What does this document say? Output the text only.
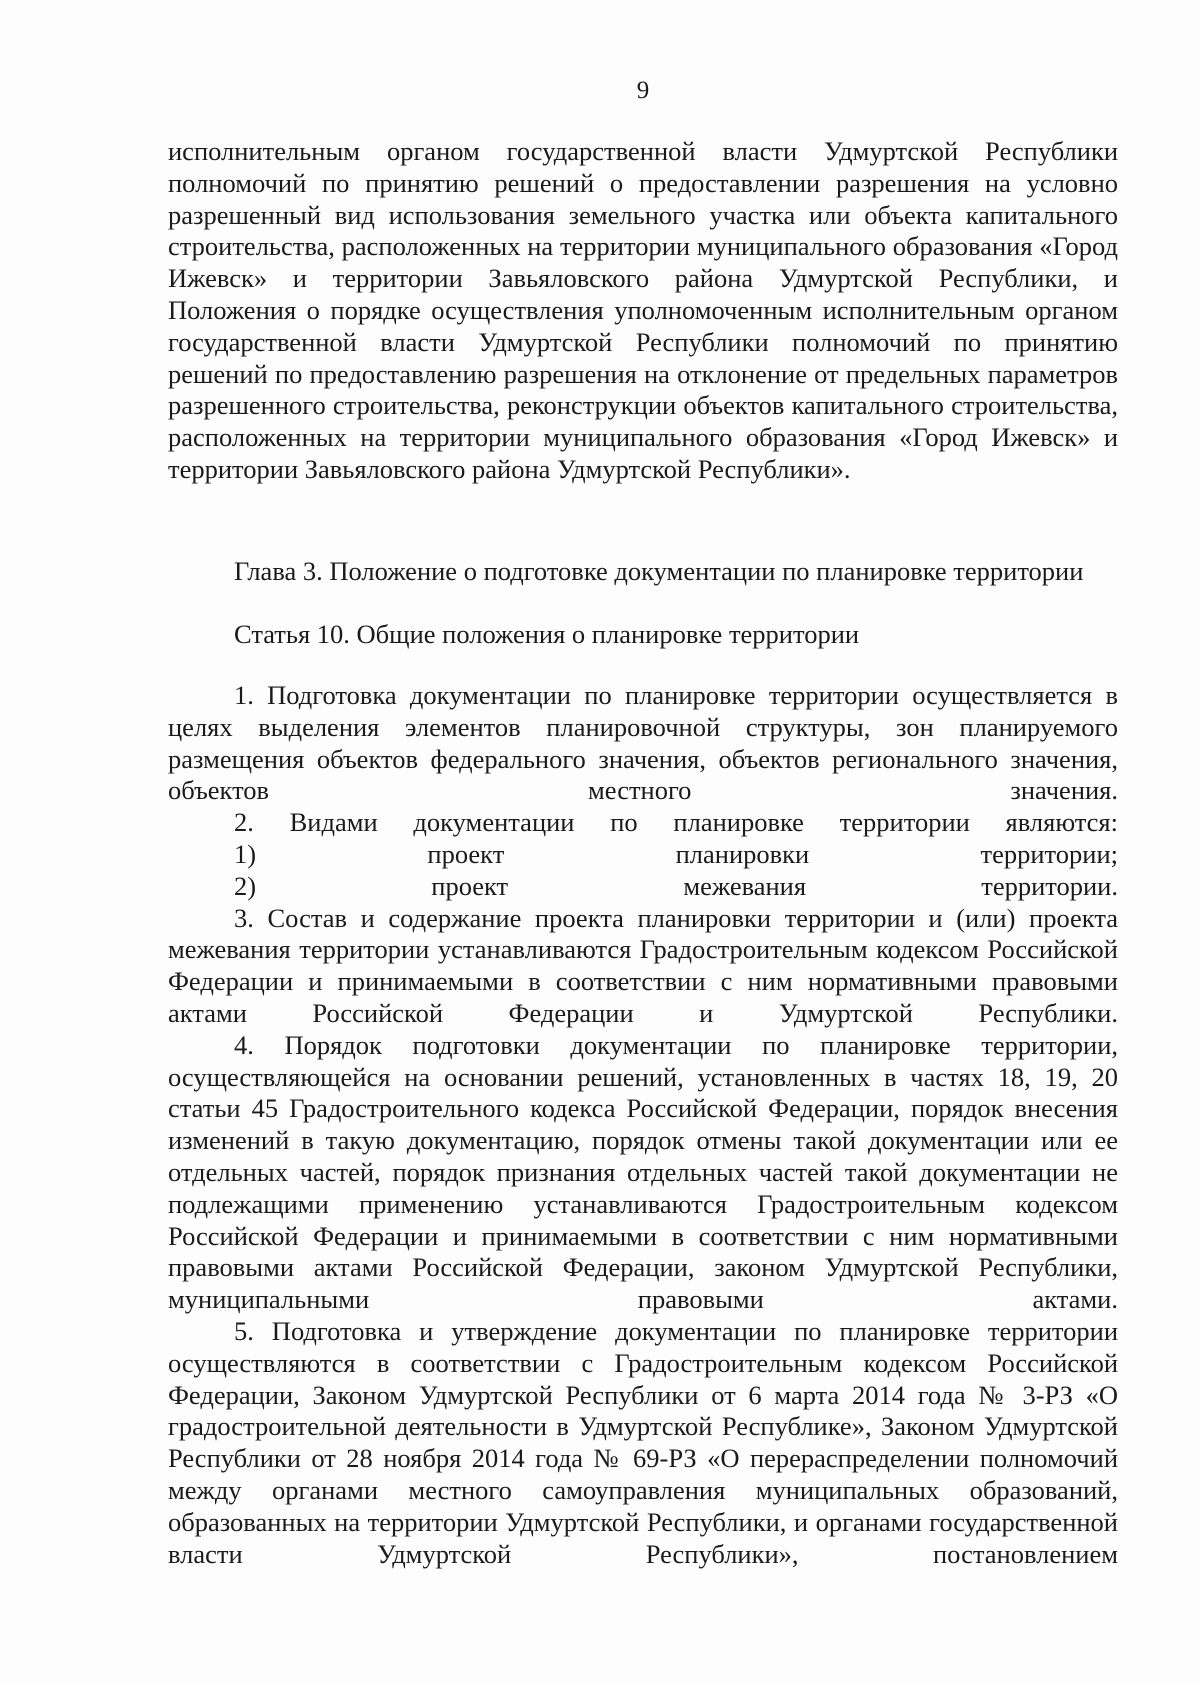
9

исполнительным органом государственной власти Удмуртской Республики полномочий по принятию решений о предоставлении разрешения на условно разрешенный вид использования земельного участка или объекта капитального строительства, расположенных на территории муниципального образования «Город Ижевск» и территории Завьяловского района Удмуртской Республики, и Положения о порядке осуществления уполномоченным исполнительным органом государственной власти Удмуртской Республики полномочий по принятию решений по предоставлению разрешения на отклонение от предельных параметров разрешенного строительства, реконструкции объектов капитального строительства, расположенных на территории муниципального образования «Город Ижевск» и территории Завьяловского района Удмуртской Республики».

Глава 3. Положение о подготовке документации по планировке территории
Статья 10. Общие положения о планировке территории

1. Подготовка документации по планировке территории осуществляется в целях выделения элементов планировочной структуры, зон планируемого размещения объектов федерального значения, объектов регионального значения, объектов местного значения.

2. Видами документации по планировке территории являются:

1) проект планировки территории;

2) проект межевания территории.

3. Состав и содержание проекта планировки территории и (или) проекта межевания территории устанавливаются Градостроительным кодексом Российской Федерации и принимаемыми в соответствии с ним нормативными правовыми актами Российской Федерации и Удмуртской Республики.

4. Порядок подготовки документации по планировке территории, осуществляющейся на основании решений, установленных в частях 18, 19, 20 статьи 45 Градостроительного кодекса Российской Федерации, порядок внесения изменений в такую документацию, порядок отмены такой документации или ее отдельных частей, порядок признания отдельных частей такой документации не подлежащими применению устанавливаются Градостроительным кодексом Российской Федерации и принимаемыми в соответствии с ним нормативными правовыми актами Российской Федерации, законом Удмуртской Республики, муниципальными правовыми актами.

5. Подготовка и утверждение документации по планировке территории осуществляются в соответствии с Градостроительным кодексом Российской Федерации, Законом Удмуртской Республики от 6 марта 2014 года № 3-РЗ «О градостроительной деятельности в Удмуртской Республике», Законом Удмуртской Республики от 28 ноября 2014 года № 69-РЗ «О перераспределении полномочий между органами местного самоуправления муниципальных образований, образованных на территории Удмуртской Республики, и органами государственной власти Удмуртской Республики», постановлением
